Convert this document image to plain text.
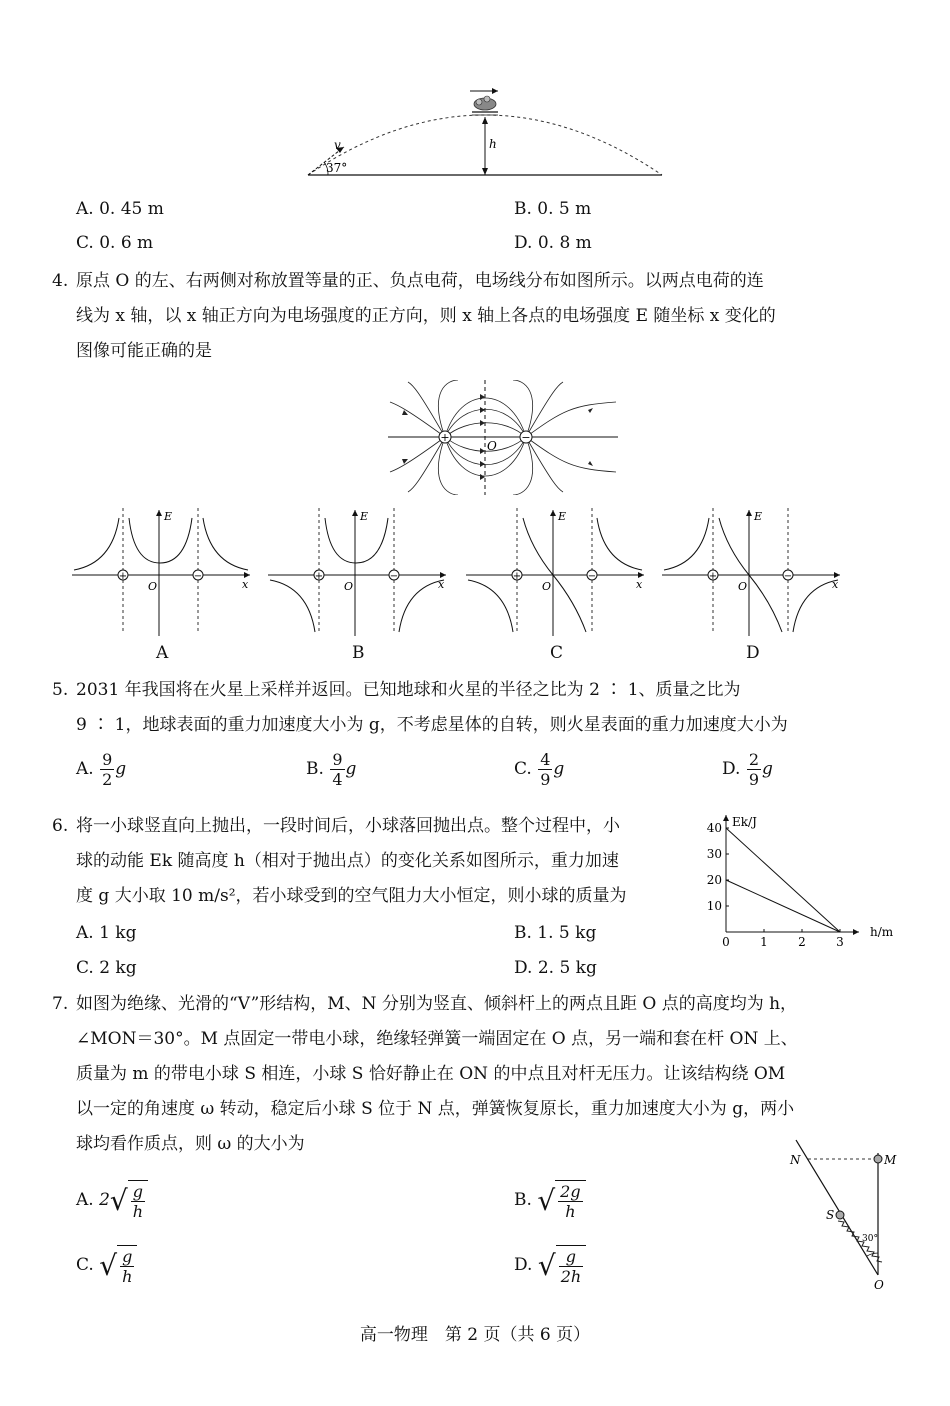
v
37°
h
A. 0. 45 m	B. 0. 5 m
C. 0. 6 m	D. 0. 8 m
4. 原点 O 的左、右两侧对称放置等量的正、负点电荷，电场线分布如图所示。以两点电荷的连
线为 x 轴，以 x 轴正方向为电场强度的正方向，则 x 轴上各点的电场强度 E 随坐标 x 变化的
图像可能正确的是
+	−
O
+	−
E
x
O
+	−
E
x
O
+	−
E
x
O
+	−
E
x
O
A	B	C	D
5. 2031 年我国将在火星上采样并返回。已知地球和火星的半径之比为 2 ∶ 1、质量之比为
9 ∶ 1，地球表面的重力加速度大小为 g，不考虑星体的自转，则火星表面的重力加速度大小为
A. $\frac{9}{2}$ g	B. $\frac{9}{4}$ g	C. $\frac{4}{9}$ g	D. $\frac{2}{9}$ g
6. 将一小球竖直向上抛出，一段时间后，小球落回抛出点。整个过程中，小
球的动能 Ek 随高度 h（相对于抛出点）的变化关系如图所示，重力加速
度 g 大小取 10 m/s²，若小球受到的空气阻力大小恒定，则小球的质量为
A. 1 kg	B. 1. 5 kg
C. 2 kg	D. 2. 5 kg
0	1	2	3
10
20
30
40 Ek/J
h/m
7. 如图为绝缘、光滑的“V”形结构，M、N 分别为竖直、倾斜杆上的两点且距 O 点的高度均为 h，
∠MON＝30°。M 点固定一带电小球，绝缘轻弹簧一端固定在 O 点，另一端和套在杆 ON 上、
质量为 m 的带电小球 S 相连，小球 S 恰好静止在 ON 的中点且对杆无压力。让该结构绕 OM
以一定的角速度 ω 转动，稳定后小球 S 位于 N 点，弹簧恢复原长，重力加速度大小为 g，两小
球均看作质点，则 ω 的大小为
A. 2 √ $\frac{g}{h}$	B. √ $\frac{2g}{h}$
C. √ $\frac{g}{h}$	D. √ $\frac{g}{2h}$
N	M
S
O
30°
高一物理　第 2 页（共 6 页）
